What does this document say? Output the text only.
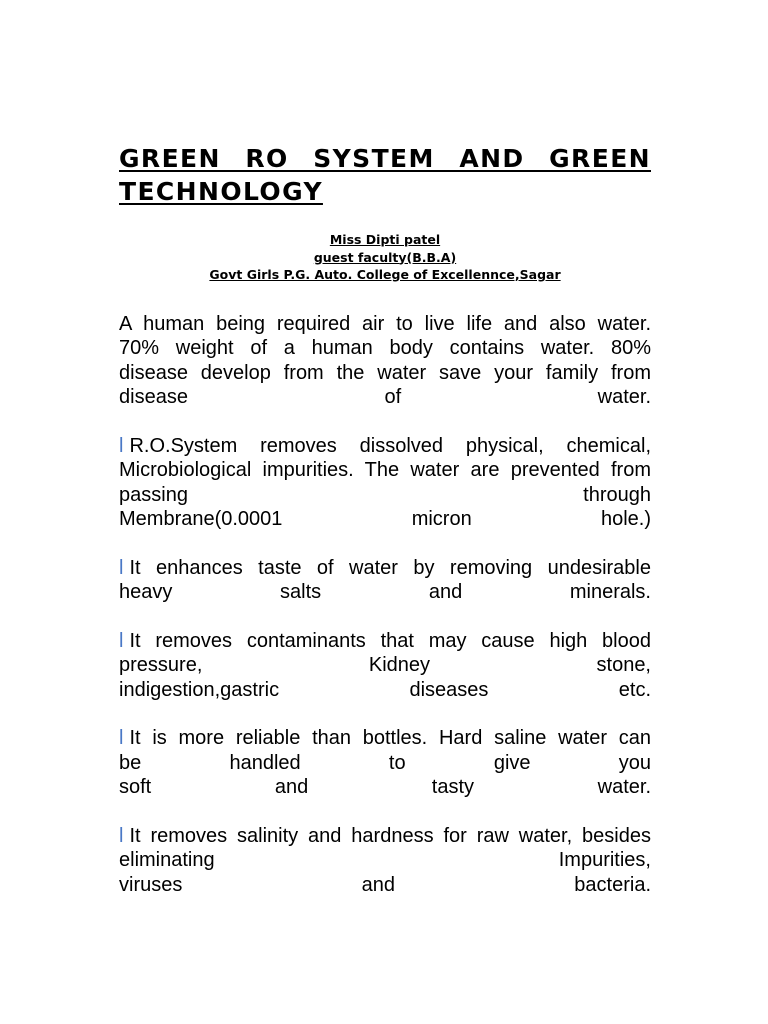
GREEN RO SYSTEM AND GREEN
TECHNOLOGY
Miss Dipti patel
guest faculty(B.B.A)
Govt Girls P.G. Auto. College of Excellennce,Sagar

A human being required air to live life and also water.
70% weight of a human body contains water. 80%
disease develop from the water save your family from
disease of water.

l R.O.System removes dissolved physical, chemical,
Microbiological impurities. The water are prevented from
passing through
Membrane(0.0001 micron hole.)

l It enhances taste of water by removing undesirable
heavy salts and minerals.

l It removes contaminants that may cause high blood
pressure, Kidney stone,
indigestion,gastric diseases etc.

l It is more reliable than bottles. Hard saline water can
be handled to give you
soft and tasty water.

l It removes salinity and hardness for raw water, besides
eliminating Impurities,
viruses and bacteria.
